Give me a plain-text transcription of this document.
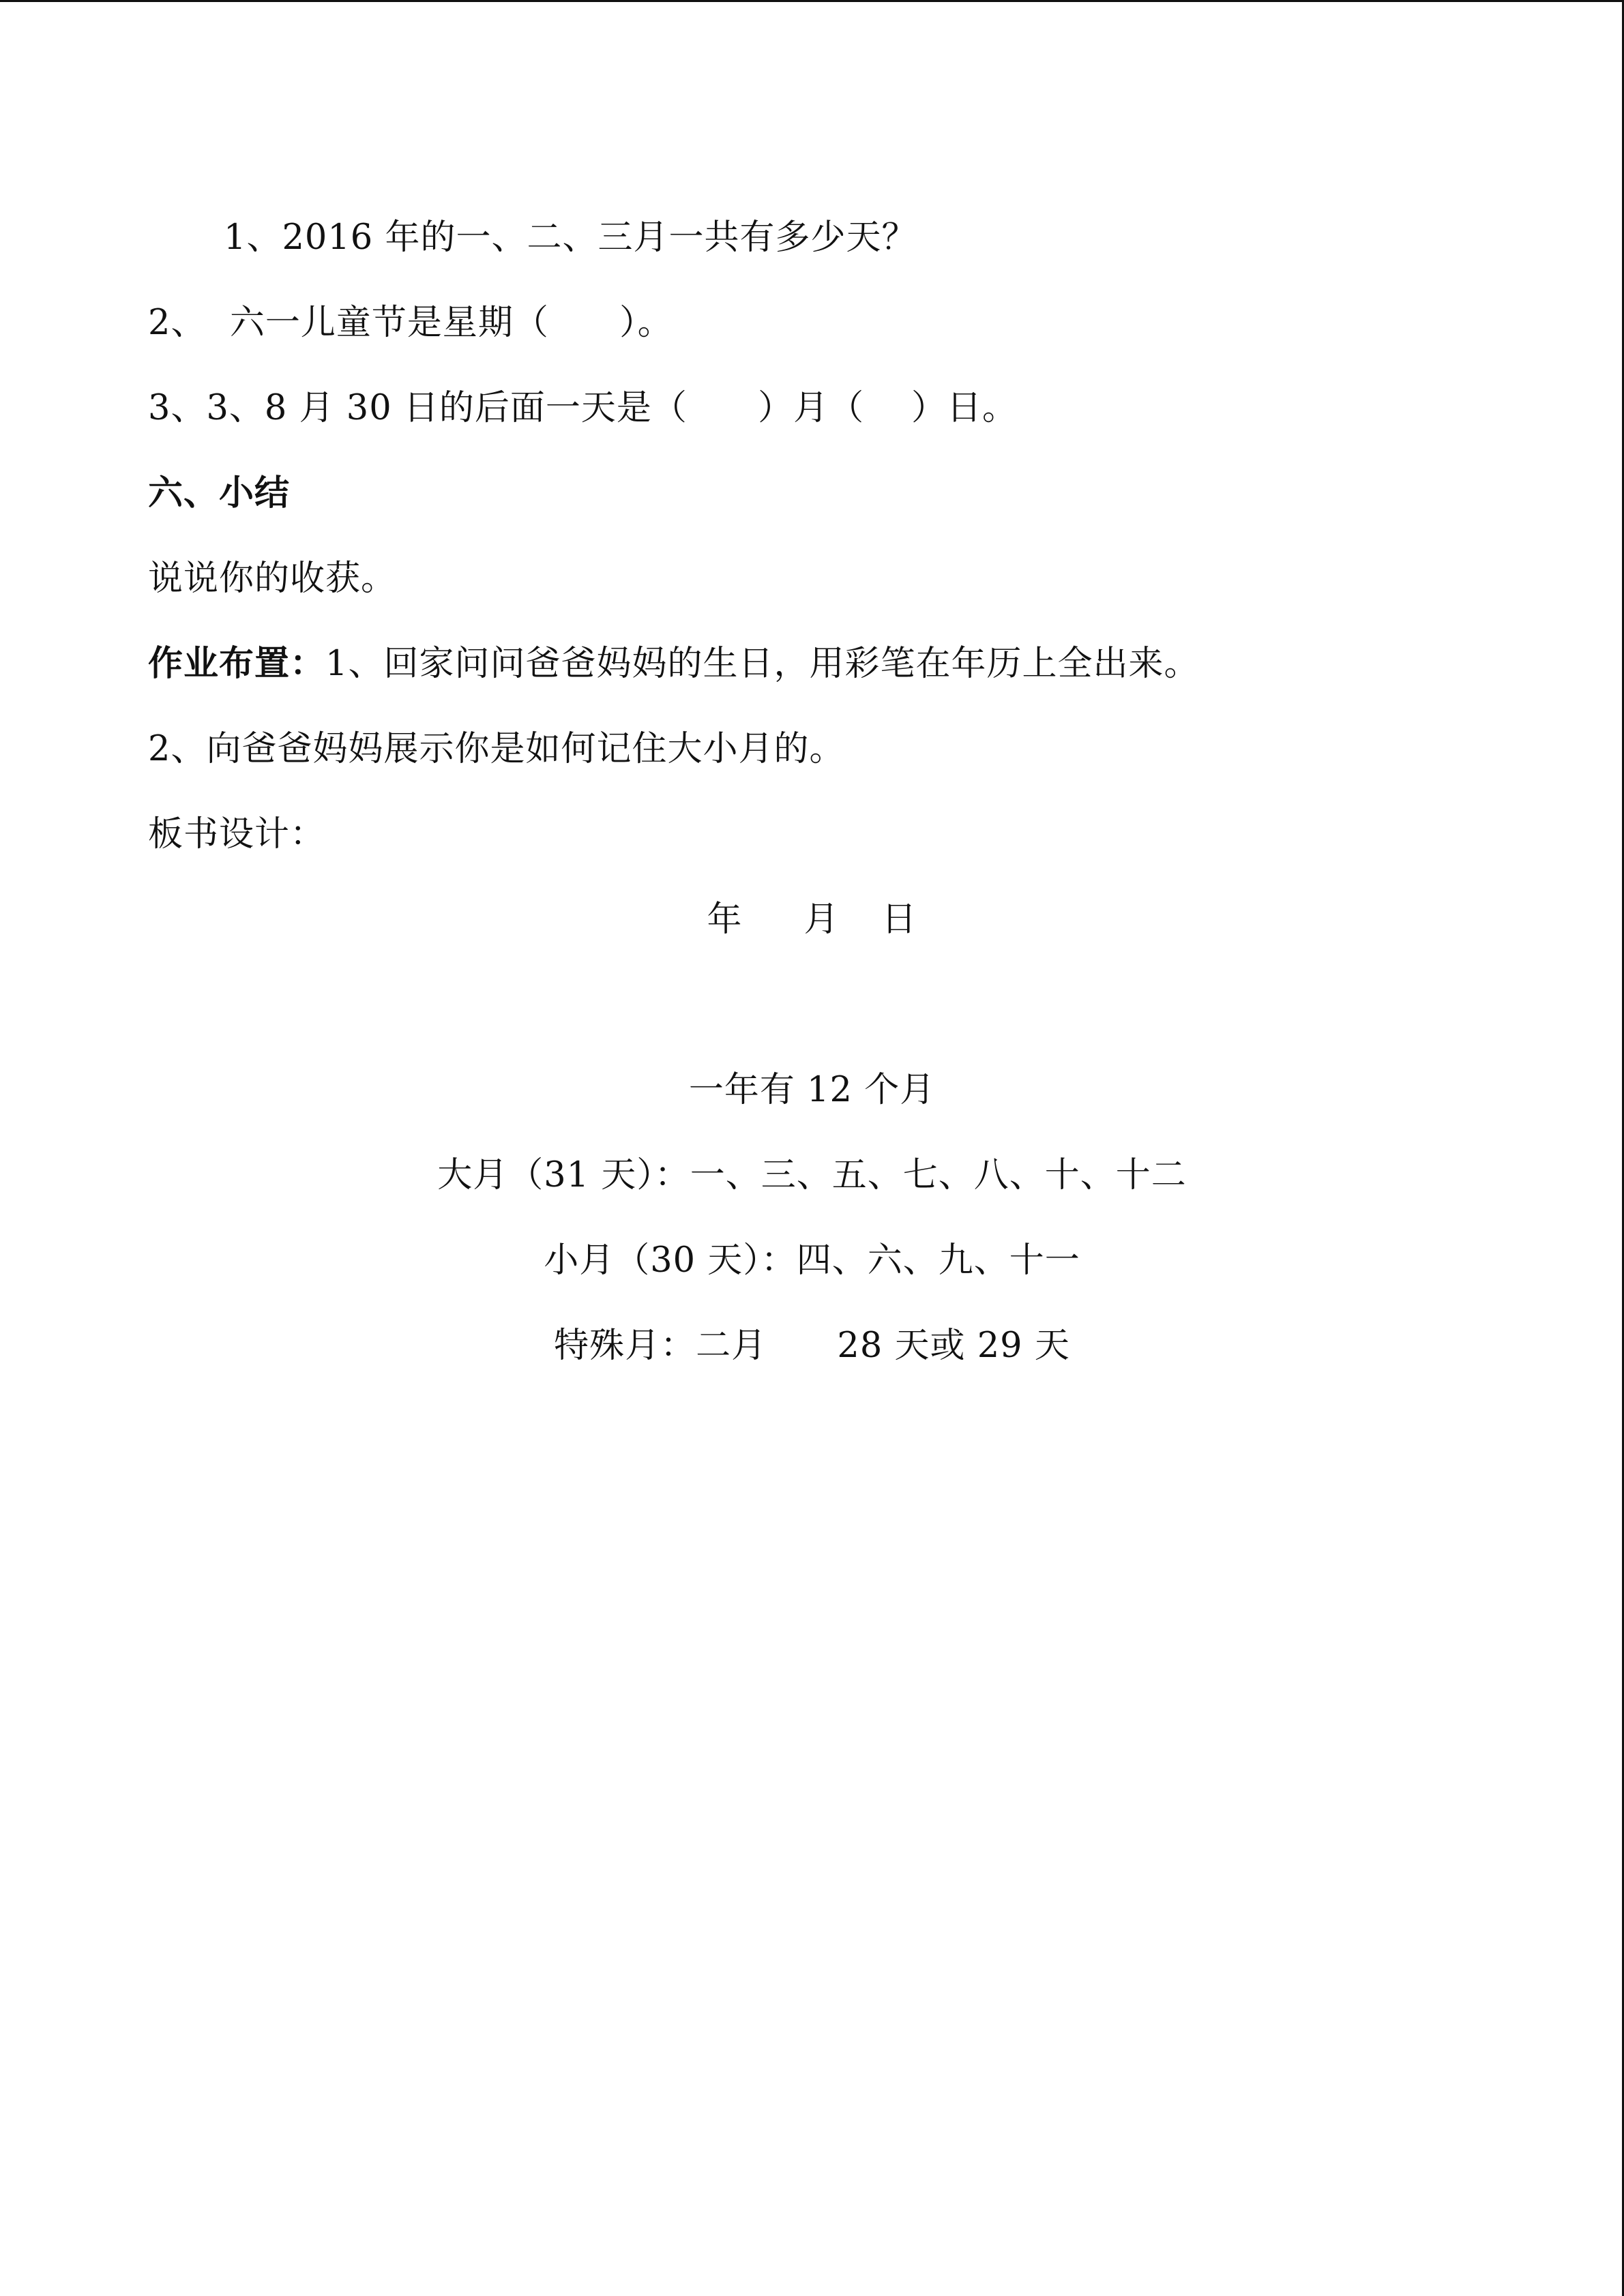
1、2016 年的一、二、三月一共有多少天？
2、  六一儿童节是星期（      ）。
3、3、8 月 30 日的后面一天是（      ）月（    ）日。
六、小结
说说你的收获。
作业布置：1、回家问问爸爸妈妈的生日，用彩笔在年历上全出来。
2、向爸爸妈妈展示你是如何记住大小月的。
板书设计：
年 月 日
一年有 12 个月
大月（31 天）：一、三、五、七、八、十、十二
小月（30 天）：四、六、九、十一
特殊月：二月      28 天或 29 天
